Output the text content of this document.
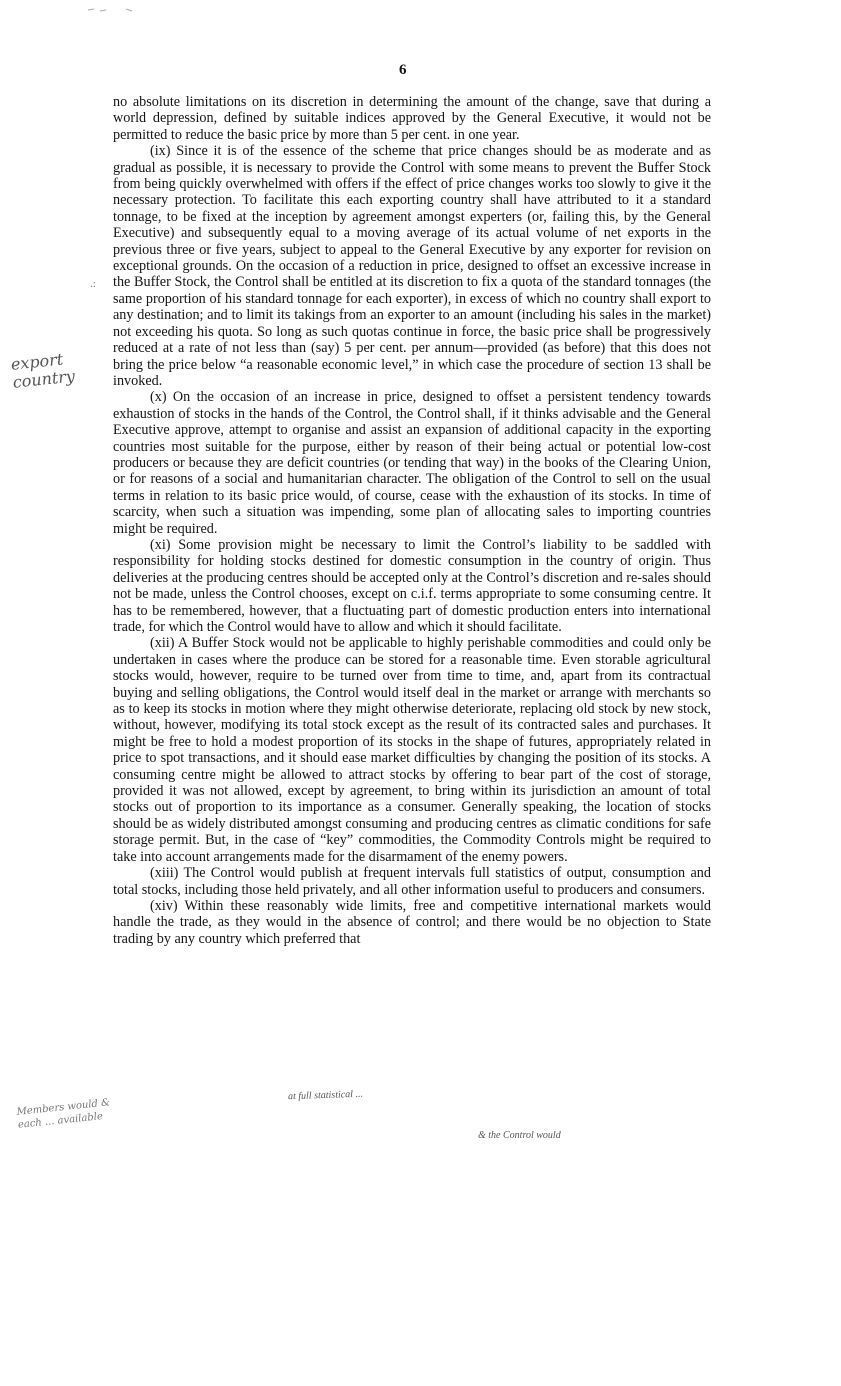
6

no absolute limitations on its discretion in determining the amount of the change, save that during a world depression, defined by suitable indices approved by the General Executive, it would not be permitted to reduce the basic price by more than 5 per cent. in one year.

(ix) Since it is of the essence of the scheme that price changes should be as moderate and as gradual as possible, it is necessary to provide the Control with some means to prevent the Buffer Stock from being quickly overwhelmed with offers if the effect of price changes works too slowly to give it the necessary protection. To facilitate this each exporting country shall have attributed to it a standard tonnage, to be fixed at the inception by agreement amongst experters (or, failing this, by the General Executive) and subsequently equal to a moving average of its actual volume of net exports in the previous three or five years, subject to appeal to the General Executive by any exporter for revision on exceptional grounds. On the occasion of a reduction in price, designed to offset an excessive increase in the Buffer Stock, the Control shall be entitled at its discretion to fix a quota of the standard tonnages (the same proportion of his standard tonnage for each exporter), in excess of which no country shall export to any destination; and to limit its takings from an exporter to an amount (including his sales in the market) not exceeding his quota. So long as such quotas continue in force, the basic price shall be progressively reduced at a rate of not less than (say) 5 per cent. per annum—provided (as before) that this does not bring the price below “a reasonable economic level,” in which case the procedure of section 13 shall be invoked.

(x) On the occasion of an increase in price, designed to offset a persistent tendency towards exhaustion of stocks in the hands of the Control, the Control shall, if it thinks advisable and the General Executive approve, attempt to organise and assist an expansion of additional capacity in the exporting countries most suitable for the purpose, either by reason of their being actual or potential low-cost producers or because they are deficit countries (or tending that way) in the books of the Clearing Union, or for reasons of a social and humanitarian character. The obligation of the Control to sell on the usual terms in relation to its basic price would, of course, cease with the exhaustion of its stocks. In time of scarcity, when such a situation was impending, some plan of allocating sales to importing countries might be required.

(xi) Some provision might be necessary to limit the Control’s liability to be saddled with responsibility for holding stocks destined for domestic consumption in the country of origin. Thus deliveries at the producing centres should be accepted only at the Control’s discretion and re-sales should not be made, unless the Control chooses, except on c.i.f. terms appropriate to some consuming centre. It has to be remembered, however, that a fluctuating part of domestic production enters into international trade, for which the Control would have to allow and which it should facilitate.

(xii) A Buffer Stock would not be applicable to highly perishable commodities and could only be undertaken in cases where the produce can be stored for a reasonable time. Even storable agricultural stocks would, however, require to be turned over from time to time, and, apart from its contractual buying and selling obligations, the Control would itself deal in the market or arrange with merchants so as to keep its stocks in motion where they might otherwise deteriorate, replacing old stock by new stock, without, however, modifying its total stock except as the result of its contracted sales and purchases. It might be free to hold a modest proportion of its stocks in the shape of futures, appropriately related in price to spot transactions, and it should ease market difficulties by changing the position of its stocks. A consuming centre might be allowed to attract stocks by offering to bear part of the cost of storage, provided it was not allowed, except by agreement, to bring within its jurisdiction an amount of total stocks out of proportion to its importance as a consumer. Generally speaking, the location of stocks should be as widely distributed amongst consuming and producing centres as climatic conditions for safe storage permit. But, in the case of “key” commodities, the Commodity Controls might be required to take into account arrangements made for the disarmament of the enemy powers.

(xiii) The Control would publish at frequent intervals full statistics of output, consumption and total stocks, including those held privately, and all other information useful to producers and consumers.

(xiv) Within these reasonably wide limits, free and competitive international markets would handle the trade, as they would in the absence of control; and there would be no objection to State trading by any country which preferred that

.:
export country
Members would & each ... available
at full statistical ...
& the Control would
